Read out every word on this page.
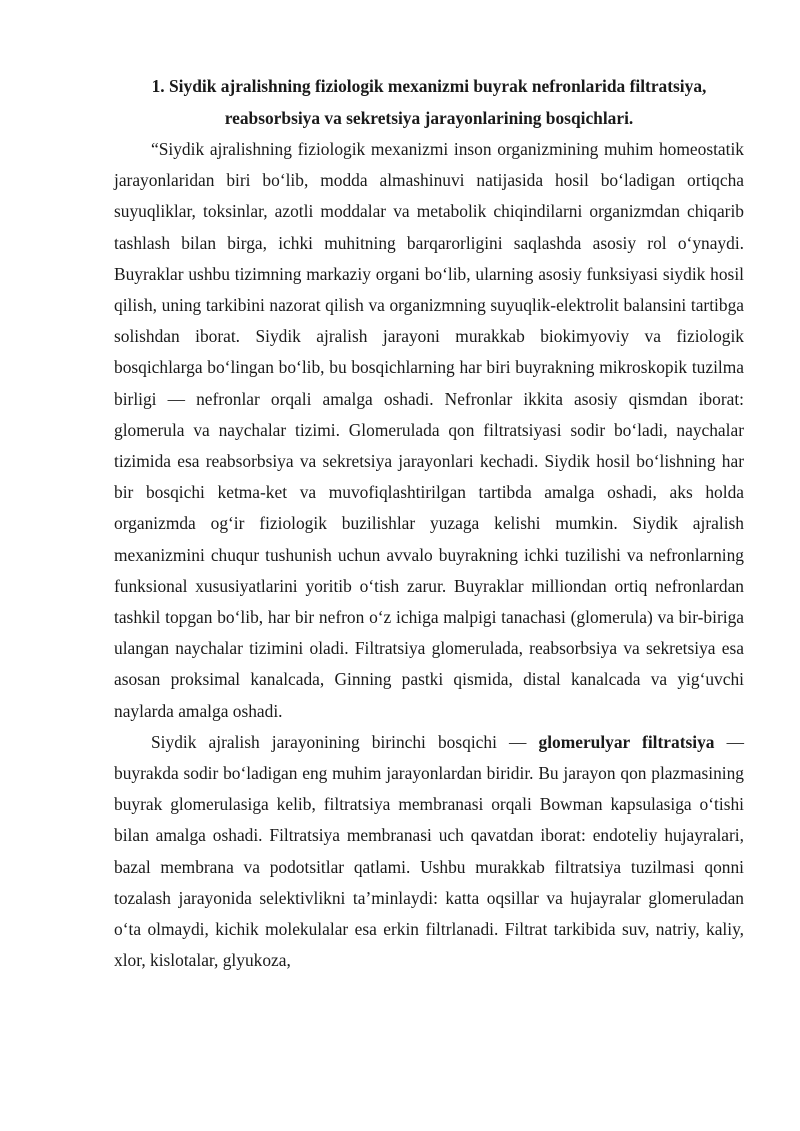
1. Siydik ajralishning fiziologik mexanizmi buyrak nefronlarida filtratsiya,
reabsorbsiya va sekretsiya jarayonlarining bosqichlari.

“Siydik ajralishning fiziologik mexanizmi inson organizmining muhim homeostatik jarayonlaridan biri boʻlib, modda almashinuvi natijasida hosil boʻladigan ortiqcha suyuqliklar, toksinlar, azotli moddalar va metabolik chiqindilarni organizmdan chiqarib tashlash bilan birga, ichki muhitning barqarorligini saqlashda asosiy rol oʻynaydi. Buyraklar ushbu tizimning markaziy organi boʻlib, ularning asosiy funksiyasi siydik hosil qilish, uning tarkibini nazorat qilish va organizmning suyuqlik-elektrolit balansini tartibga solishdan iborat. Siydik ajralish jarayoni murakkab biokimyoviy va fiziologik bosqichlarga boʻlingan boʻlib, bu bosqichlarning har biri buyrakning mikroskopik tuzilma birligi — nefronlar orqali amalga oshadi. Nefronlar ikkita asosiy qismdan iborat: glomerula va naychalar tizimi. Glomerulada qon filtratsiyasi sodir boʻladi, naychalar tizimida esa reabsorbsiya va sekretsiya jarayonlari kechadi. Siydik hosil boʻlishning har bir bosqichi ketma-ket va muvofiqlashtirilgan tartibda amalga oshadi, aks holda organizmda ogʻir fiziologik buzilishlar yuzaga kelishi mumkin. Siydik ajralish mexanizmini chuqur tushunish uchun avvalo buyrakning ichki tuzilishi va nefronlarning funksional xususiyatlarini yoritib oʻtish zarur. Buyraklar milliondan ortiq nefronlardan tashkil topgan boʻlib, har bir nefron oʻz ichiga malpigi tanachasi (glomerula) va bir-biriga ulangan naychalar tizimini oladi. Filtratsiya glomerulada, reabsorbsiya va sekretsiya esa asosan proksimal kanalcada, Ginning pastki qismida, distal kanalcada va yigʻuvchi naylarda amalga oshadi.

Siydik ajralish jarayonining birinchi bosqichi — glomerulyar filtratsiya — buyrakda sodir boʻladigan eng muhim jarayonlardan biridir. Bu jarayon qon plazmasining buyrak glomerulasiga kelib, filtratsiya membranasi orqali Bowman kapsulasiga oʻtishi bilan amalga oshadi. Filtratsiya membranasi uch qavatdan iborat: endoteliy hujayralari, bazal membrana va podotsitlar qatlami. Ushbu murakkab filtratsiya tuzilmasi qonni tozalash jarayonida selektivlikni taʼminlaydi: katta oqsillar va hujayralar glomeruladan oʻta olmaydi, kichik molekulalar esa erkin filtrlanadi. Filtrat tarkibida suv, natriy, kaliy, xlor, kislotalar, glyukoza,
